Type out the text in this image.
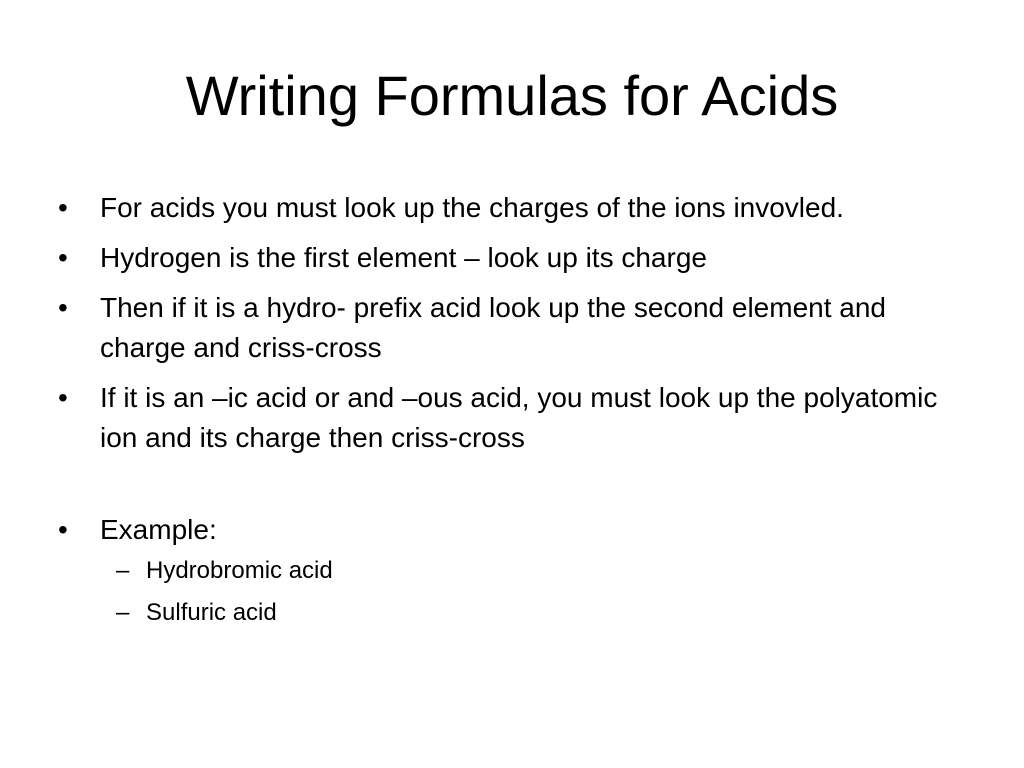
Writing Formulas for Acids
•	For acids you must look up the charges of the ions invovled.
•	Hydrogen is the first element – look up its charge
•	Then if it is a hydro- prefix acid look up the second element and charge and criss-cross
•	If it is an –ic acid or and –ous acid, you must look up the polyatomic ion and its charge then criss-cross
•	Example:
– Hydrobromic acid
– Sulfuric acid
